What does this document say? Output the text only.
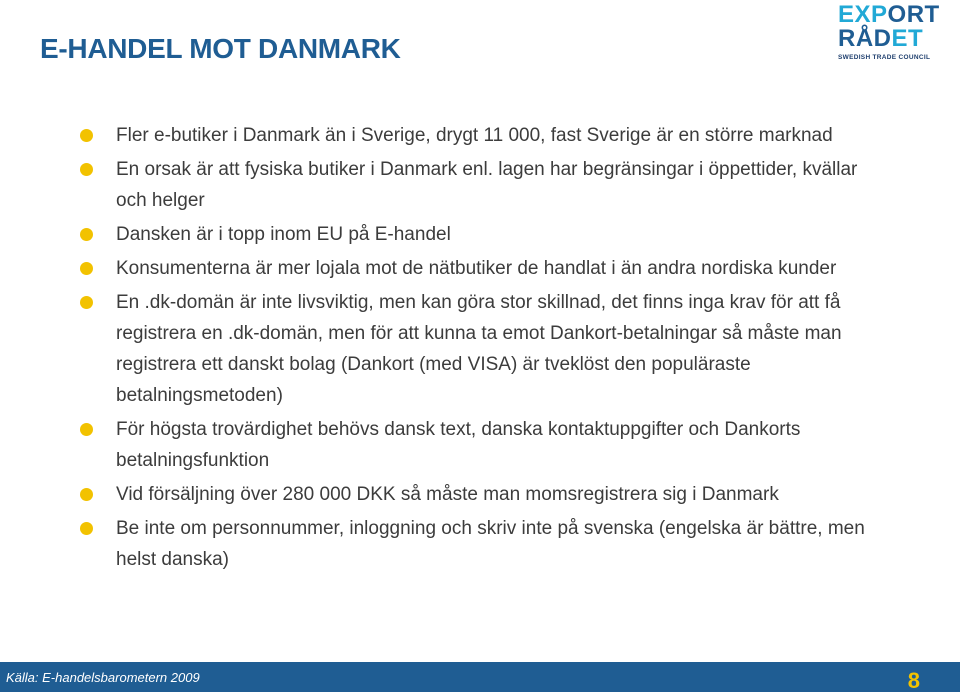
E-HANDEL MOT DANMARK
EXPORT
RÅDET
SWEDISH TRADE COUNCIL
Fler e-butiker i Danmark än i Sverige, drygt 11 000, fast Sverige är en större marknad
En orsak är att fysiska butiker i Danmark enl. lagen har begränsingar i öppettider, kvällar och helger
Dansken är i topp inom EU på E-handel
Konsumenterna är mer lojala mot de nätbutiker de handlat i än andra nordiska kunder
En .dk-domän är inte livsviktig, men kan göra stor skillnad, det finns inga krav för att få registrera en .dk-domän, men för att kunna ta emot Dankort-betalningar så måste man registrera ett danskt bolag (Dankort (med VISA) är tveklöst den populäraste betalningsmetoden)
För högsta trovärdighet behövs dansk text, danska kontaktuppgifter och Dankorts betalningsfunktion
Vid försäljning över 280 000 DKK så måste man momsregistrera sig i Danmark
Be inte om personnummer, inloggning och skriv inte på svenska (engelska är bättre, men helst danska)
Källa: E-handelsbarometern 2009	8
